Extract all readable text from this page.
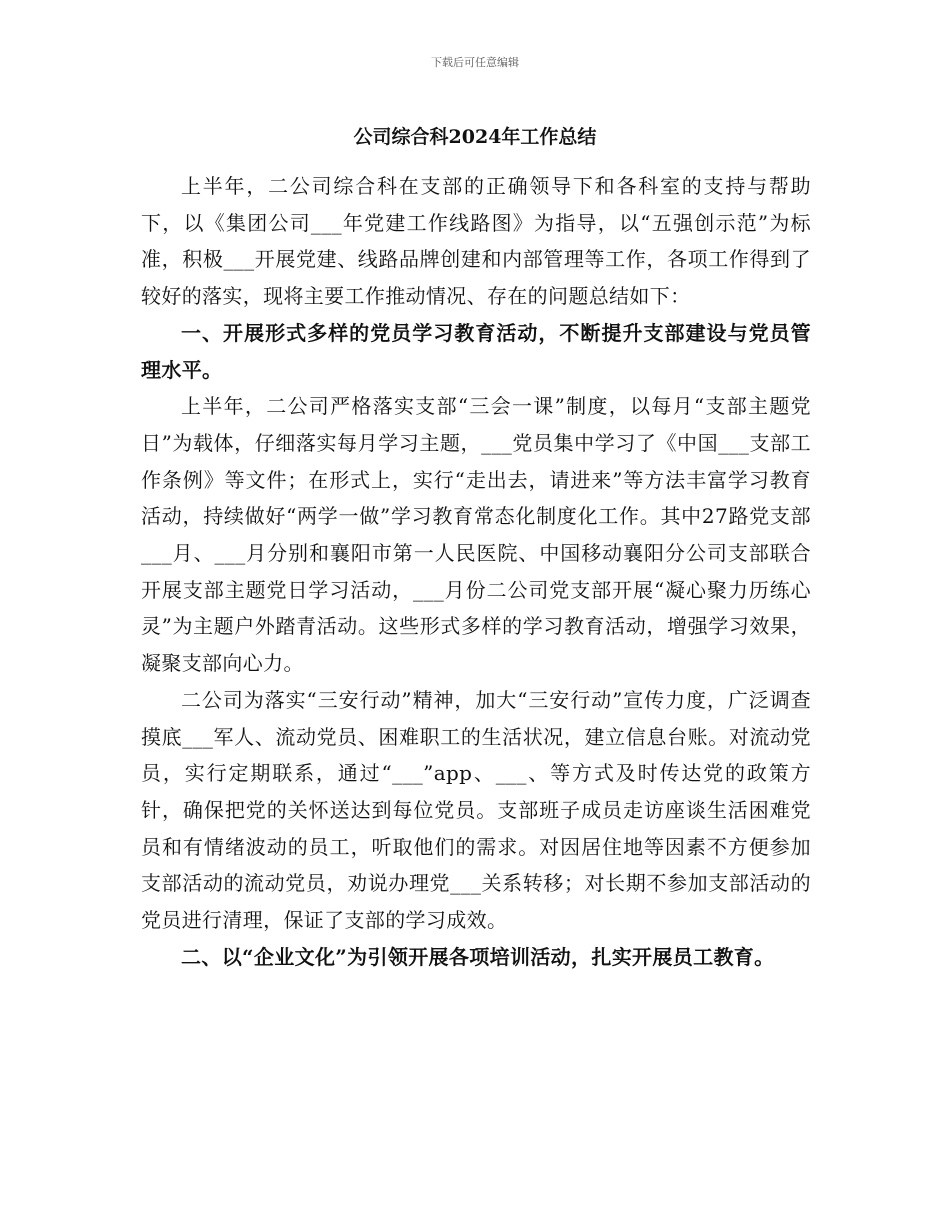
下载后可任意编辑
公司综合科2024年工作总结

上半年，二公司综合科在支部的正确领导下和各科室的支持与帮助下，以《集团公司___年党建工作线路图》为指导，以“五强创示范”为标准，积极___开展党建、线路品牌创建和内部管理等工作，各项工作得到了较好的落实，现将主要工作推动情况、存在的问题总结如下：

一、开展形式多样的党员学习教育活动，不断提升支部建设与党员管理水平。

上半年，二公司严格落实支部“三会一课”制度，以每月“支部主题党日”为载体，仔细落实每月学习主题，___党员集中学习了《中国___支部工作条例》等文件；在形式上，实行“走出去，请进来”等方法丰富学习教育活动，持续做好“两学一做”学习教育常态化制度化工作。其中27路党支部___月、___月分别和襄阳市第一人民医院、中国移动襄阳分公司支部联合开展支部主题党日学习活动，___月份二公司党支部开展“凝心聚力历练心灵”为主题户外踏青活动。这些形式多样的学习教育活动，增强学习效果，凝聚支部向心力。

二公司为落实“三安行动”精神，加大“三安行动”宣传力度，广泛调查摸底___军人、流动党员、困难职工的生活状况，建立信息台账。对流动党员，实行定期联系，通过“___”app、___、等方式及时传达党的政策方针，确保把党的关怀送达到每位党员。支部班子成员走访座谈生活困难党员和有情绪波动的员工，听取他们的需求。对因居住地等因素不方便参加支部活动的流动党员，劝说办理党___关系转移；对长期不参加支部活动的党员进行清理，保证了支部的学习成效。

二、以“企业文化”为引领开展各项培训活动，扎实开展员工教育。
